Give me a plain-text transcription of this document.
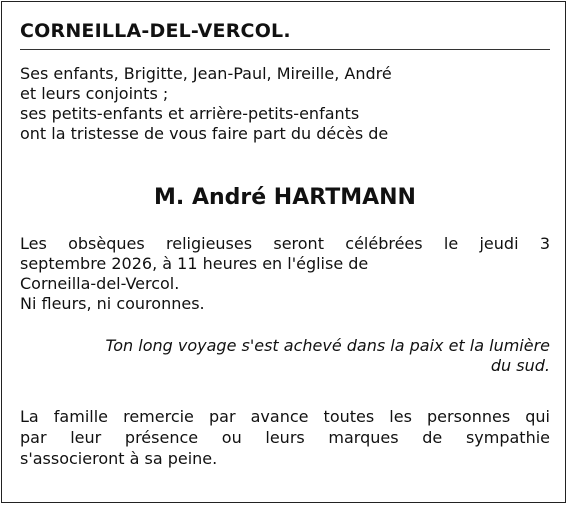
CORNEILLA-DEL-VERCOL.
Ses enfants, Brigitte, Jean-Paul, Mireille, André
et leurs conjoints ;
ses petits-enfants et arrière-petits-enfants
ont la tristesse de vous faire part du décès de
M. André HARTMANN
Les obsèques religieuses seront célébrées le jeudi 3
septembre 2026, à 11 heures en l'église de
Corneilla-del-Vercol.
Ni fleurs, ni couronnes.
Ton long voyage s'est achevé dans la paix et la lumière
du sud.
La famille remercie par avance toutes les personnes qui
par leur présence ou leurs marques de sympathie
s'associeront à sa peine.
